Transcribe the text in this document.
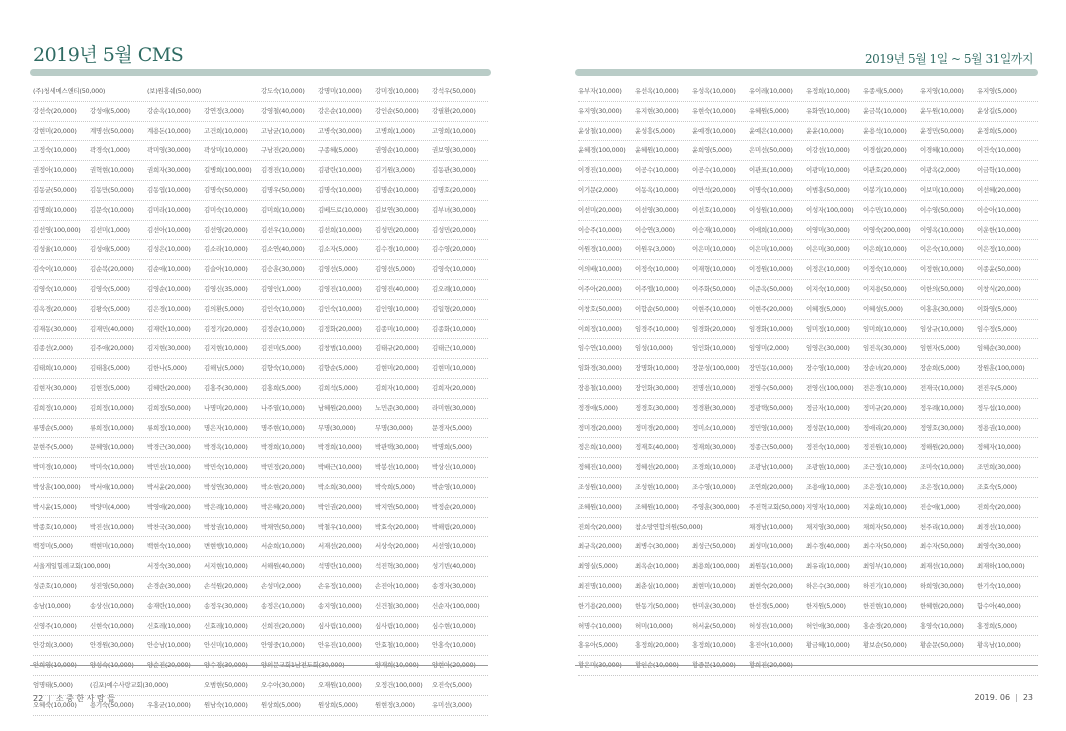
2019년 5월 CMS
(주)청세메스앤티(50,000)	(보)원홍쉐(50,000)	강도숙(10,000) 강명미(10,000) 강미정(10,000) 강석우(50,000)
강선숙(20,000) 강성애(5,000)	강순옥(10,000) 강연정(3,000)	강영철(40,000) 강은순(10,000) 강인순(50,000) 강필환(20,000)
강현미(20,000) 계명선(50,000) 계용돈(10,000) 고건희(10,000) 고남균(10,000) 고병숙(30,000) 고병희(1,000)	고영희(10,000)
고정숙(10,000) 곽경숙(1,000)	곽미영(30,000) 곽상미(10,000) 구남진(20,000) 구종혜(5,000)	권영순(10,000) 권보영(30,000)
권정아(10,000) 권혁현(10,000) 권희자(30,000) 길병희(100,000) 김경진(10,000) 김광란(10,000) 김기원(3,000)	김동관(30,000)
김동균(50,000) 김동만(50,000) 김동엽(10,000) 김명숙(50,000) 김명우(50,000) 김명숙(10,000) 김명순(10,000) 김명호(20,000)
김명희(10,000) 김문숙(10,000) 김미라(10,000) 김미숙(10,000) 김미희(10,000) 김베드로(10,000) 김보연(30,000) 김부녀(30,000)
김선영(100,000) 김선미(1,000)	김선아(10,000) 김선영(20,000) 김선우(10,000) 김선희(10,000) 김성민(20,000) 김성민(20,000)
김성율(10,000) 김성애(5,000)	김성은(10,000) 김소라(10,000) 김소연(40,000) 김소자(5,000)	김수경(10,000) 김수영(20,000)
김숙이(10,000) 김순복(20,000) 김순애(10,000) 김슬아(10,000) 김승훈(30,000) 김영선(5,000)	김영선(5,000)	김영숙(10,000)
김영숙(10,000) 김영숙(5,000)	김영순(10,000) 김영신(35,000) 김영인(1,000)	김영진(10,000) 김영진(40,000) 김오례(10,000)
김옥경(20,000) 김왕숙(5,000)	김은경(10,000) 김의환(5,000)	김인숙(10,000) 김인숙(10,000) 김인영(10,000) 김일형(20,000)
김재동(30,000) 김재민(40,000) 김재란(10,000) 김정기(20,000) 김정순(10,000) 김정화(20,000) 김종미(10,000) 김종화(10,000)
김종선(2,000)	김주애(20,000) 김지현(30,000) 김지현(10,000) 김진미(5,000)	김창범(10,000) 김태규(20,000) 김태근(10,000)
김태희(10,000) 김태홍(5,000)	김한나(5,000)	김해님(5,000)	김향숙(10,000) 김향순(5,000)	김현미(20,000) 김현미(10,000)
김현자(30,000) 김현정(5,000)	김혜란(20,000) 김홍주(30,000) 김홍희(5,000)	김희석(5,000)	김희자(10,000) 김희자(20,000)
김희정(10,000) 김희정(10,000) 김희정(50,000) 나명미(20,000) 나주열(10,000) 남혜원(20,000) 노민준(30,000) 라미현(30,000)
류명순(5,000)	류희정(10,000) 류희정(10,000) 명은자(10,000) 명주현(10,000) 무명(30,000)	무명(30,000)	문경자(5,000)
문현주(5,000)	문혜영(10,000) 박경근(30,000) 박경옥(10,000) 박경희(10,000) 박경희(10,000) 박관택(30,000) 박명희(5,000)
박미경(10,000) 박미숙(10,000) 박민선(10,000) 박민숙(10,000) 박민정(20,000) 박배근(10,000) 박봉선(10,000) 박상신(10,000)
박상훈(100,000) 박서애(10,000) 박서윤(20,000) 박성연(30,000) 박소현(20,000) 박소희(30,000) 박숙희(5,000)	박순영(10,000)
박시윤(15,000) 박양미(4,000)	박영애(20,000) 박은례(10,000) 박은혜(20,000) 박인권(20,000) 박지연(50,000) 박정순(20,000)
박종호(10,000) 박진선(10,000) 박찬국(30,000) 박창권(10,000) 박채연(50,000) 박철우(10,000) 박효숙(20,000) 박해림(20,000)
백정미(5,000)	백현미(10,000) 백현숙(10,000) 변현행(10,000) 서순희(10,000) 서재선(20,000) 서상숙(20,000) 서선영(10,000)
서울게일힐레교회(100,000)	서정숙(30,000) 서지현(10,000) 서해원(40,000) 석명란(10,000) 석진혁(30,000) 성기빈(40,000)
성준호(10,000) 성진영(50,000) 손경순(30,000) 손석원(20,000) 손성미(2,000)	손유정(10,000) 손진아(10,000) 송경자(30,000)
송남(10,000)	송상신(10,000) 송재란(10,000) 송정우(30,000) 송정은(10,000) 송지영(10,000) 신건철(30,000) 신순자(100,000)
신영주(10,000) 신현숙(10,000) 신효레(10,000) 신효레(10,000) 신희진(20,000) 심사림(10,000) 심사림(10,000) 심수현(10,000)
안강희(3,000)	안경원(30,000) 안승남(10,000) 안신미(10,000) 안영중(10,000) 안유진(10,000) 안효철(10,000) 안홍숙(10,000)
엄명태(5,000)	(김포)예수사랑교회(30,000)	오범현(50,000) 오수아(30,000) 오재원(10,000) 오정건(100,000) 오진숙(5,000)
오혜숙(10,000) 용기숙(50,000) 우홍균(10,000) 원남숙(10,000) 원상희(5,000)	원상희(5,000)	원현정(3,000)	유미선(3,000)
22 | 소 중 한 사 람 들
2019년 5월 1일 ~ 5월 31일까지
유부자(10,000) 유선옥(10,000) 유성옥(10,000) 유이레(10,000) 유정희(10,000) 유종세(5,000)	유지영(10,000) 유지영(5,000)
유지영(30,000) 유지현(30,000) 유현숙(10,000) 유혜원(5,000)	유화연(10,000) 윤금복(10,000) 윤두원(10,000) 윤상길(5,000)
윤상철(10,000) 윤성흥(5,000)	윤예경(10,000) 윤예은(10,000) 윤윤(10,000)	윤용석(10,000) 윤정민(50,000) 윤정희(5,000)
윤혜경(100,000) 윤혜원(10,000) 윤희영(5,000)	은미선(50,000) 이강선(10,000) 이경섭(20,000) 이경혜(10,000) 이건숙(10,000)
이경진(10,000) 이공수(10,000) 이공수(10,000) 이관표(10,000) 이광미(10,000) 이관호(20,000) 이광옥(2,000)	이금학(10,000)
이기문(2,000)	이동옥(10,000) 이만석(20,000) 이명숙(10,000) 이범홍(50,000) 이봉기(10,000) 이보미(10,000) 이선혜(20,000)
이선미(20,000) 이선영(30,000) 이선호(10,000) 이성원(10,000) 이성자(100,000) 이수민(10,000) 이수영(50,000) 이승아(10,000)
이승주(10,000) 이승연(3,000)	이승재(10,000) 이애희(10,000) 이영미(30,000) 이영숙(200,000) 이영옥(10,000) 이운한(10,000)
이원경(10,000) 이원우(3,000)	이은미(10,000) 이은미(10,000) 이은미(30,000) 이은희(10,000) 이은숙(10,000) 이은정(10,000)
이의배(10,000) 이정숙(10,000) 이재형(10,000) 이정원(10,000) 이정은(10,000) 이정숙(10,000) 이정현(10,000) 이종윤(50,000)
이주아(20,000) 이주엘(10,000) 이주화(50,000) 이준옥(50,000) 이지숙(10,000) 이지용(50,000) 이한의(50,000) 이창식(20,000)
이창호(50,000) 이합순(50,000) 이현주(10,000) 이현주(20,000) 이혜경(5,000)	이혜성(5,000)	이홍훈(30,000) 이화영(5,000)
이희정(10,000) 임경주(10,000) 임경화(20,000) 임경화(10,000) 임미정(10,000) 임미희(10,000) 임상규(10,000) 임수정(5,000)
임수연(10,000) 임성(10,000)	임인화(10,000) 임영미(2,000)	임영은(30,000) 임진옥(30,000) 임현자(5,000)	임혜순(30,000)
임화경(30,000) 장명화(10,000) 장문성(100,000) 장민동(10,000) 장수영(10,000) 장순녀(20,000) 장순희(5,000)	장원훈(100,000)
장용철(10,000) 장인화(30,000) 전명선(10,000) 전영수(50,000) 전영신(100,000) 전은경(10,000) 전재국(10,000) 전진우(5,000)
정경애(5,000)	정경호(30,000) 정경환(30,000) 정광택(50,000) 정금자(10,000) 정미규(20,000) 정우례(10,000) 정두섭(10,000)
정미경(20,000) 정미경(20,000) 정미소(10,000) 정민영(10,000) 정성문(10,000) 정애리(20,000) 정영호(30,000) 정용권(10,000)
정은희(10,000) 정재호(40,000) 정재희(30,000) 정종근(50,000) 정진숙(10,000) 정진원(10,000) 정해원(20,000) 정혜자(10,000)
정혜진(10,000) 정혜선(20,000) 조경희(10,000) 조광남(10,000) 조광현(10,000) 조근정(10,000) 조미숙(10,000) 조민희(30,000)
조성원(10,000) 조성현(10,000) 조수영(10,000) 조연희(20,000) 조용애(10,000) 조은정(10,000) 조은정(10,000) 조효숙(5,000)
조혜원(10,000) 조혜원(10,000) 주영훈(300,000) 주진혁교회(50,000) 지영자(10,000) 지윤희(10,000) 진승애(1,000)	진희숙(20,000)
진희숙(20,000) 참소망연합의원(50,000)	채경남(10,000) 채지영(30,000) 채희자(50,000) 천주리(10,000) 최경선(10,000)
최규옥(20,000) 최병수(30,000) 최성근(50,000) 최성미(10,000) 최수경(40,000) 최수자(50,000) 최수자(50,000) 최영숙(30,000)
최영실(5,000)	최옥순(10,000) 최용희(100,000) 최원동(10,000) 최유리(10,000) 최임부(10,000) 최재선(10,000) 최재하(100,000)
최진명(10,000) 최춘실(10,000) 최현미(10,000) 최현숙(20,000) 하은수(30,000) 하진기(10,000) 하희영(30,000) 한기숙(10,000)
한기용(20,000) 한동기(50,000) 한미운(30,000) 한선경(5,000)	한지원(5,000)	한진현(10,000) 한혜현(20,000) 함수아(40,000)
허명수(10,000) 허미(10,000)	허서윤(50,000) 허성진(10,000) 허인애(30,000) 홍순경(20,000) 홍영숙(10,000) 홍정희(5,000)
홍유아(5,000)	홍정희(20,000) 홍정희(10,000) 홍진아(10,000) 황금혜(10,000) 황보순(50,000) 황순문(50,000) 황옥남(10,000)
2019. 06 | 23
